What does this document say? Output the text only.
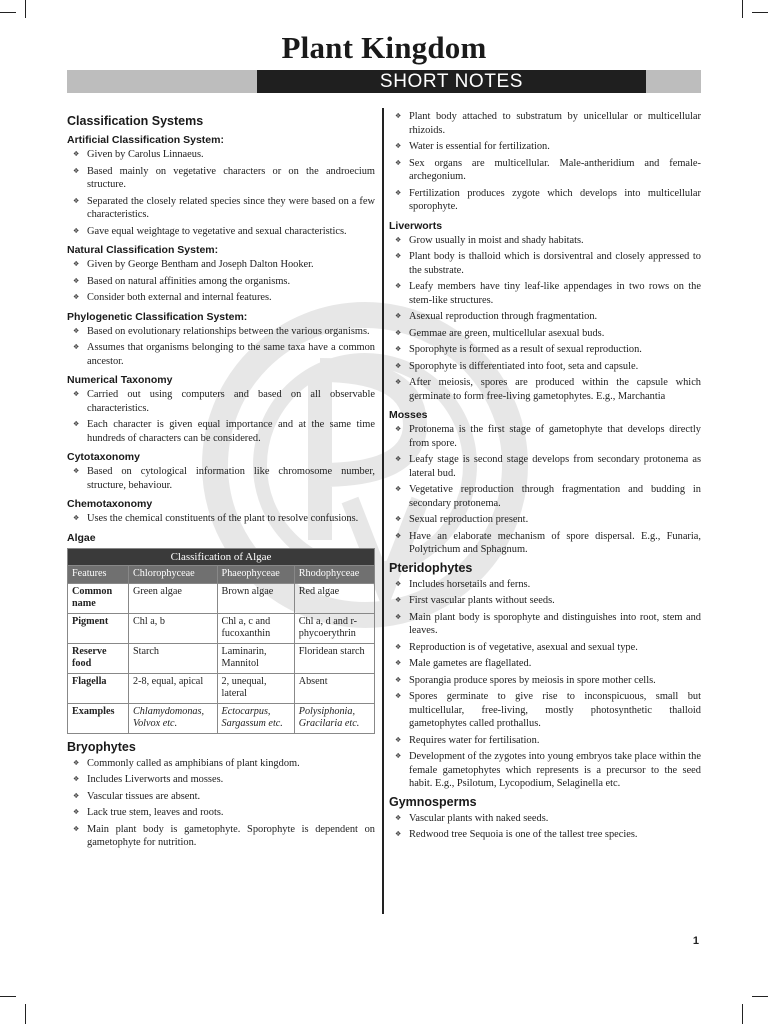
Plant Kingdom
SHORT NOTES
Classification Systems
Artificial Classification System:
❖ Given by Carolus Linnaeus.
❖ Based mainly on vegetative characters or on the androecium structure.
❖ Separated the closely related species since they were based on a few characteristics.
❖ Gave equal weightage to vegetative and sexual characteristics.
Natural Classification System:
❖ Given by George Bentham and Joseph Dalton Hooker.
❖ Based on natural affinities among the organisms.
❖ Consider both external and internal features.
Phylogenetic Classification System:
❖ Based on evolutionary relationships between the various organisms.
❖ Assumes that organisms belonging to the same taxa have a common ancestor.
Numerical Taxonomy
❖ Carried out using computers and based on all observable characteristics.
❖ Each character is given equal importance and at the same time hundreds of characters can be considered.
Cytotaxonomy
❖ Based on cytological information like chromosome number, structure, behaviour.
Chemotaxonomy
❖ Uses the chemical constituents of the plant to resolve confusions.
Algae
Classification of Algae			
Features	Chlorophyceae	Phaeophyceae	Rhodophyceae
Common name	Green algae	Brown algae	Red algae
Pigment	Chl a, b	Chl a, c and fucoxanthin	Chl a, d and r-phycoerythrin
Reserve food	Starch	Laminarin, Mannitol	Floridean starch
Flagella	2-8, equal, apical	2, unequal, lateral	Absent
Examples	Chlamydomonas, Volvox etc.	Ectocarpus, Sargassum etc.	Polysiphonia, Gracilaria etc.
Bryophytes
❖ Commonly called as amphibians of plant kingdom.
❖ Includes Liverworts and mosses.
❖ Vascular tissues are absent.
❖ Lack true stem, leaves and roots.
❖ Main plant body is gametophyte. Sporophyte is dependent on gametophyte for nutrition.
❖ Plant body attached to substratum by unicellular or multicellular rhizoids.
❖ Water is essential for fertilization.
❖ Sex organs are multicellular. Male-antheridium and female-archegonium.
❖ Fertilization produces zygote which develops into multicellular sporophyte.
Liverworts
❖ Grow usually in moist and shady habitats.
❖ Plant body is thalloid which is dorsiventral and closely appressed to the substrate.
❖ Leafy members have tiny leaf-like appendages in two rows on the stem-like structures.
❖ Asexual reproduction through fragmentation.
❖ Gemmae are green, multicellular asexual buds.
❖ Sporophyte is formed as a result of sexual reproduction.
❖ Sporophyte is differentiated into foot, seta and capsule.
❖ After meiosis, spores are produced within the capsule which germinate to form free-living gametophytes. E.g., Marchantia
Mosses
❖ Protonema is the first stage of gametophyte that develops directly from spore.
❖ Leafy stage is second stage develops from secondary protonema as lateral bud.
❖ Vegetative reproduction through fragmentation and budding in secondary protonema.
❖ Sexual reproduction present.
❖ Have an elaborate mechanism of spore dispersal. E.g., Funaria, Polytrichum and Sphagnum.
Pteridophytes
❖ Includes horsetails and ferns.
❖ First vascular plants without seeds.
❖ Main plant body is sporophyte and distinguishes into root, stem and leaves.
❖ Reproduction is of vegetative, asexual and sexual type.
❖ Male gametes are flagellated.
❖ Sporangia produce spores by meiosis in spore mother cells.
❖ Spores germinate to give rise to inconspicuous, small but multicellular, free-living, mostly photosynthetic thalloid gametophytes called prothallus.
❖ Requires water for fertilisation.
❖ Development of the zygotes into young embryos take place within the female gametophytes which represents is a precursor to the seed habit. E.g., Psilotum, Lycopodium, Selaginella etc.
Gymnosperms
❖ Vascular plants with naked seeds.
❖ Redwood tree Sequoia is one of the tallest tree species.
1
